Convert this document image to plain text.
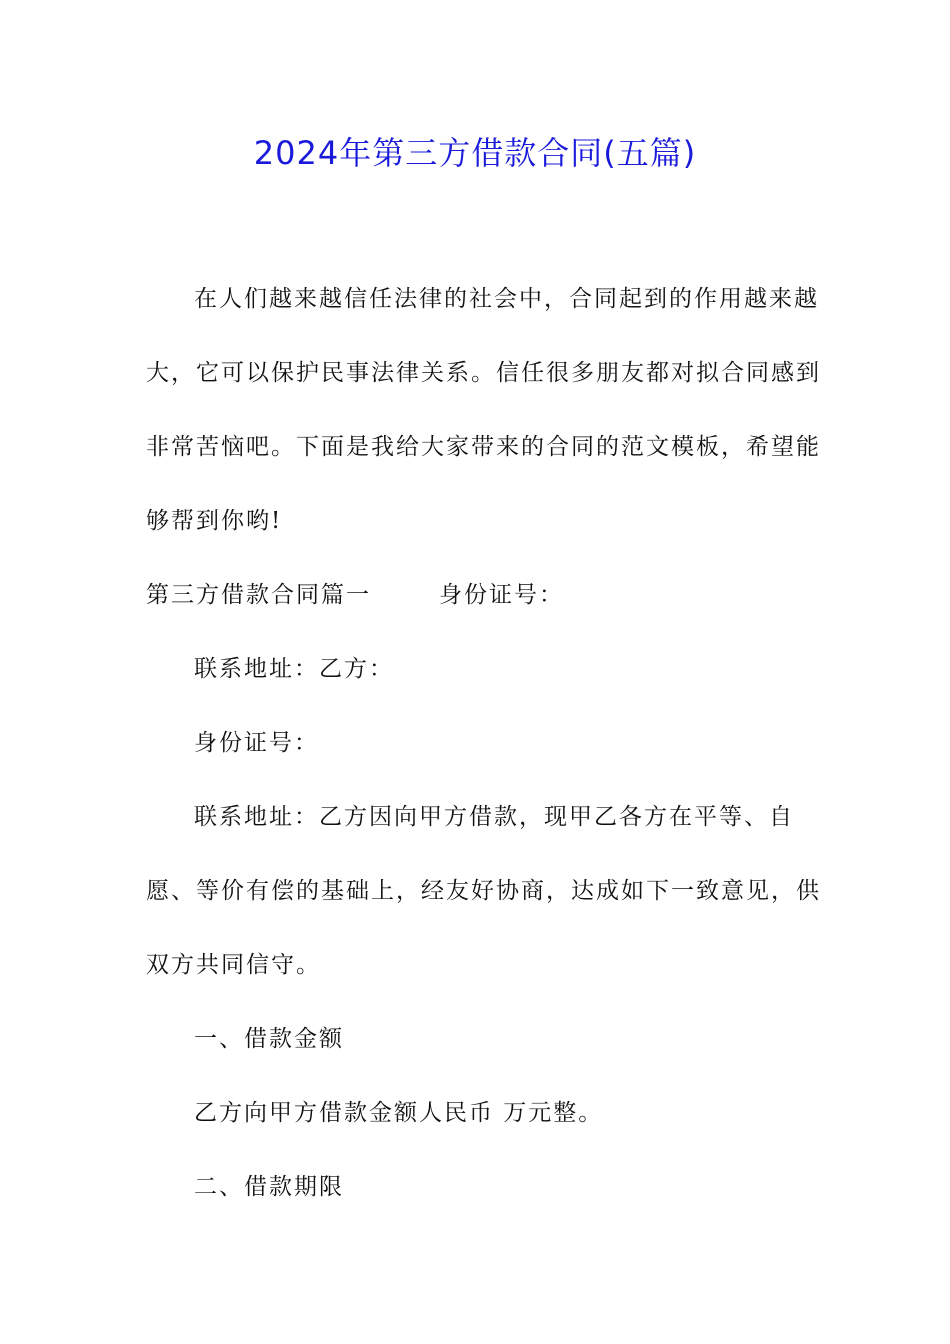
2024年第三方借款合同(五篇)

在人们越来越信任法律的社会中，合同起到的作用越来越大，它可以保护民事法律关系。信任很多朋友都对拟合同感到非常苦恼吧。下面是我给大家带来的合同的范文模板，希望能够帮到你哟!

第三方借款合同篇一	身份证号：

联系地址：乙方：

身份证号：

联系地址：乙方因向甲方借款，现甲乙各方在平等、自愿、等价有偿的基础上，经友好协商，达成如下一致意见，供双方共同信守。

一、借款金额

乙方向甲方借款金额人民币 万元整。

二、借款期限
